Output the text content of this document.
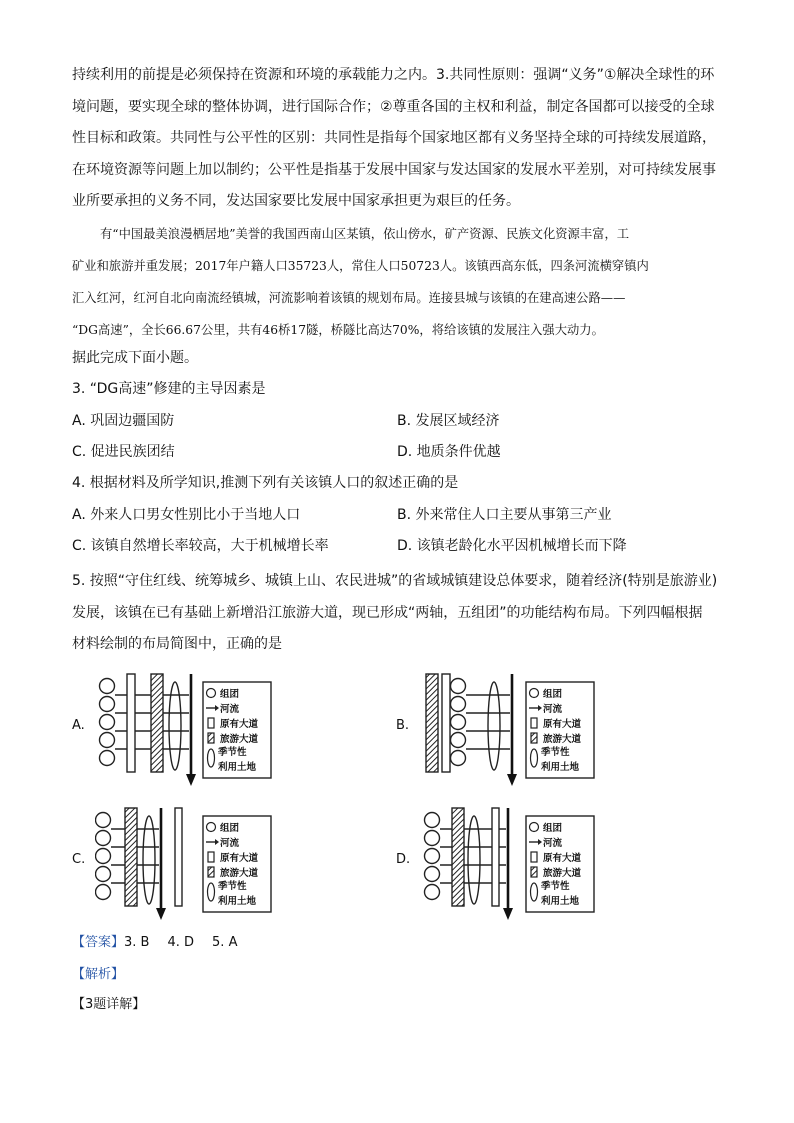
持续利用的前提是必须保持在资源和环境的承载能力之内。3.共同性原则：强调“义务”①解决全球性的环
境问题，要实现全球的整体协调，进行国际合作；②尊重各国的主权和利益，制定各国都可以接受的全球
性目标和政策。共同性与公平性的区别：共同性是指每个国家地区都有义务坚持全球的可持续发展道路，
在环境资源等问题上加以制约；公平性是指基于发展中国家与发达国家的发展水平差别，对可持续发展事
业所要承担的义务不同，发达国家要比发展中国家承担更为艰巨的任务。

有“中国最美浪漫栖居地”美誉的我国西南山区某镇，依山傍水，矿产资源、民族文化资源丰富，工
矿业和旅游并重发展；2017年户籍人口35723人，常住人口50723人。该镇西高东低，四条河流横穿镇内
汇入红河，红河自北向南流经镇城，河流影响着该镇的规划布局。连接县城与该镇的在建高速公路——
“DG高速”，全长66.67公里，共有46桥17隧，桥隧比高达70%，将给该镇的发展注入强大动力。

据此完成下面小题。
3. “DG高速”修建的主导因素是
A. 巩固边疆国防	B. 发展区域经济
C. 促进民族团结	D. 地质条件优越
4. 根据材料及所学知识,推测下列有关该镇人口的叙述正确的是
A. 外来人口男女性别比小于当地人口	B. 外来常住人口主要从事第三产业
C. 该镇自然增长率较高，大于机械增长率	D. 该镇老龄化水平因机械增长而下降
5. 按照“守住红线、统筹城乡、城镇上山、农民进城”的省域城镇建设总体要求，随着经济(特别是旅游业)
发展，该镇在已有基础上新增沿江旅游大道，现已形成“两轴，五组团”的功能结构布局。下列四幅根据
材料绘制的布局简图中，正确的是
A.	B.
C.	D.
组团
河流
原有大道
旅游大道
季节性
利用土地
组团
河流
原有大道
旅游大道
季节性
利用土地
组团
河流
原有大道
旅游大道
季节性
利用土地
组团
河流
原有大道
旅游大道
季节性
利用土地
【答案】3. B 4. D 5. A
【解析】
【3题详解】
